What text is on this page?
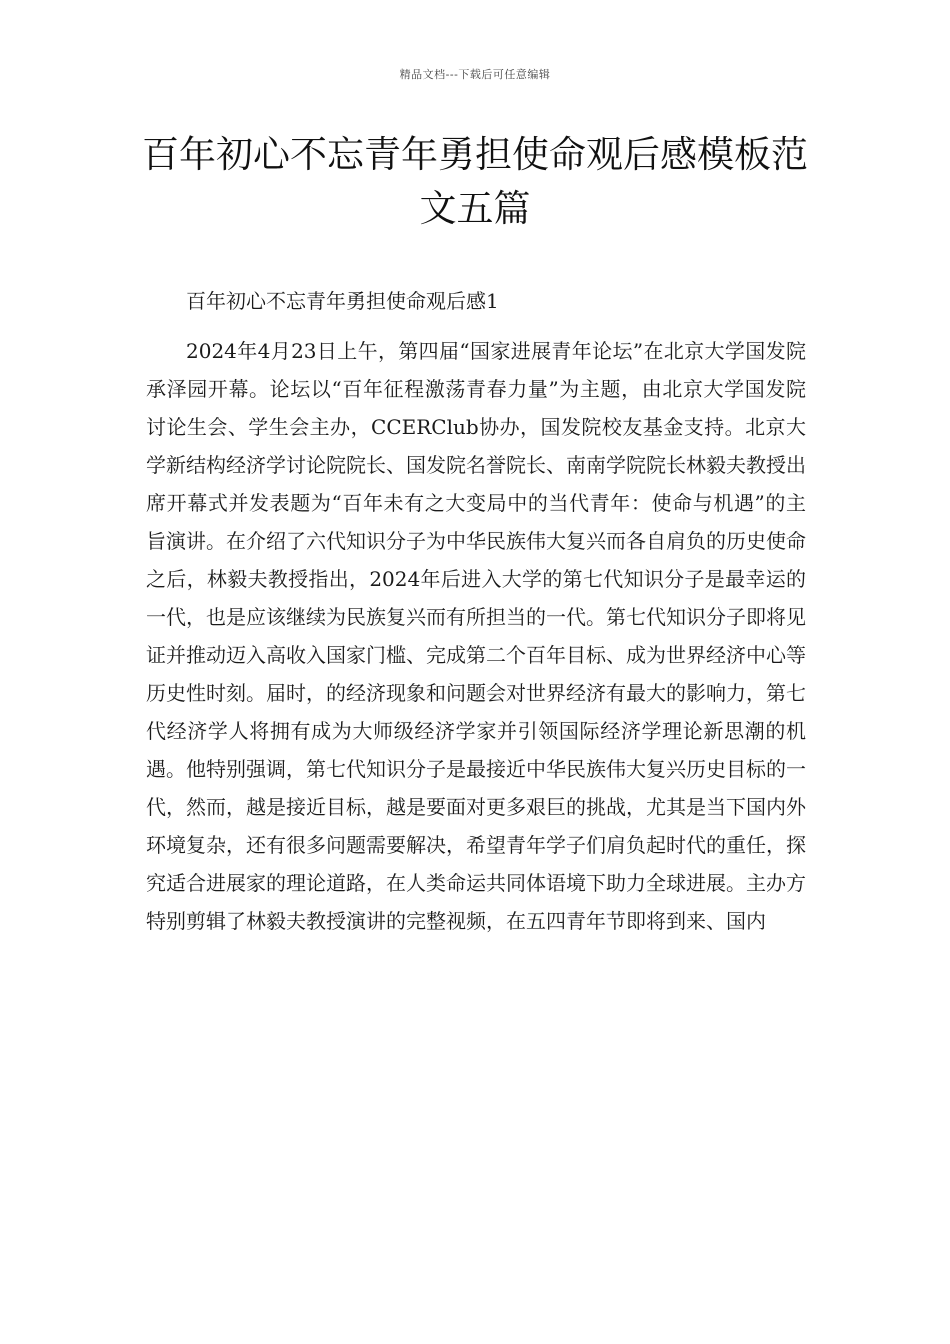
精品文档---下载后可任意编辑
百年初心不忘青年勇担使命观后感模板范文五篇

百年初心不忘青年勇担使命观后感1

2024年4月23日上午，第四届“国家进展青年论坛”在北京大学国发院承泽园开幕。论坛以“百年征程激荡青春力量”为主题，由北京大学国发院讨论生会、学生会主办，CCERClub协办，国发院校友基金支持。北京大学新结构经济学讨论院院长、国发院名誉院长、南南学院院长林毅夫教授出席开幕式并发表题为“百年未有之大变局中的当代青年：使命与机遇”的主旨演讲。在介绍了六代知识分子为中华民族伟大复兴而各自肩负的历史使命之后，林毅夫教授指出，2024年后进入大学的第七代知识分子是最幸运的一代，也是应该继续为民族复兴而有所担当的一代。第七代知识分子即将见证并推动迈入高收入国家门槛、完成第二个百年目标、成为世界经济中心等历史性时刻。届时，的经济现象和问题会对世界经济有最大的影响力，第七代经济学人将拥有成为大师级经济学家并引领国际经济学理论新思潮的机遇。他特别强调，第七代知识分子是最接近中华民族伟大复兴历史目标的一代，然而，越是接近目标，越是要面对更多艰巨的挑战，尤其是当下国内外环境复杂，还有很多问题需要解决，希望青年学子们肩负起时代的重任，探究适合进展家的理论道路，在人类命运共同体语境下助力全球进展。主办方特别剪辑了林毅夫教授演讲的完整视频，在五四青年节即将到来、国内
